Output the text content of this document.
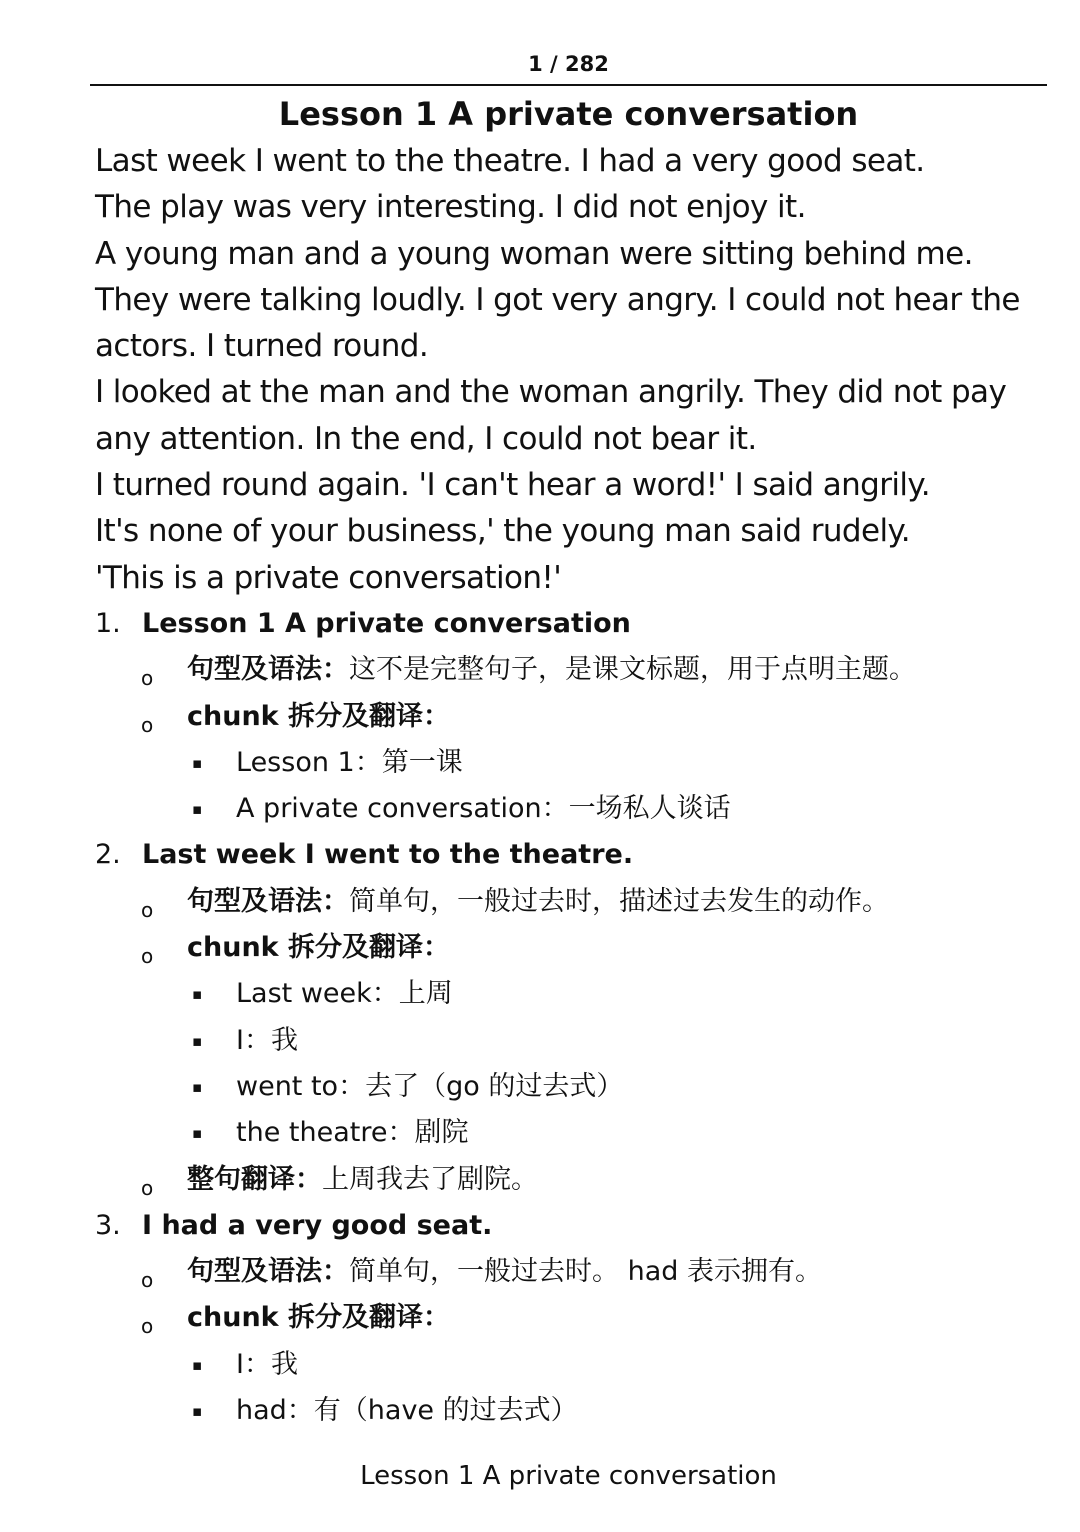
1 / 282
Lesson 1 A private conversation
Last week I went to the theatre. I had a very good seat.
The play was very interesting. I did not enjoy it.
A young man and a young woman were sitting behind me.
They were talking loudly. I got very angry. I could not hear the
actors. I turned round.
I looked at the man and the woman angrily. They did not pay
any attention. In the end, I could not bear it.
I turned round again. 'I can't hear a word!' I said angrily.
It's none of your business,' the young man said rudely.
'This is a private conversation!'
1. Lesson 1 A private conversation
o 句型及语法：这不是完整句子，是课文标题，用于点明主题。
o chunk 拆分及翻译：
▪ Lesson 1：第一课
▪ A private conversation：一场私人谈话
2. Last week I went to the theatre.
o 句型及语法：简单句，一般过去时，描述过去发生的动作。
o chunk 拆分及翻译：
▪ Last week：上周
▪ I：我
▪ went to：去了（go 的过去式）
▪ the theatre：剧院
o 整句翻译：上周我去了剧院。
3. I had a very good seat.
o 句型及语法：简单句，一般过去时。 had 表示拥有。
o chunk 拆分及翻译：
▪ I：我
▪ had：有（have 的过去式）
Lesson 1 A private conversation
